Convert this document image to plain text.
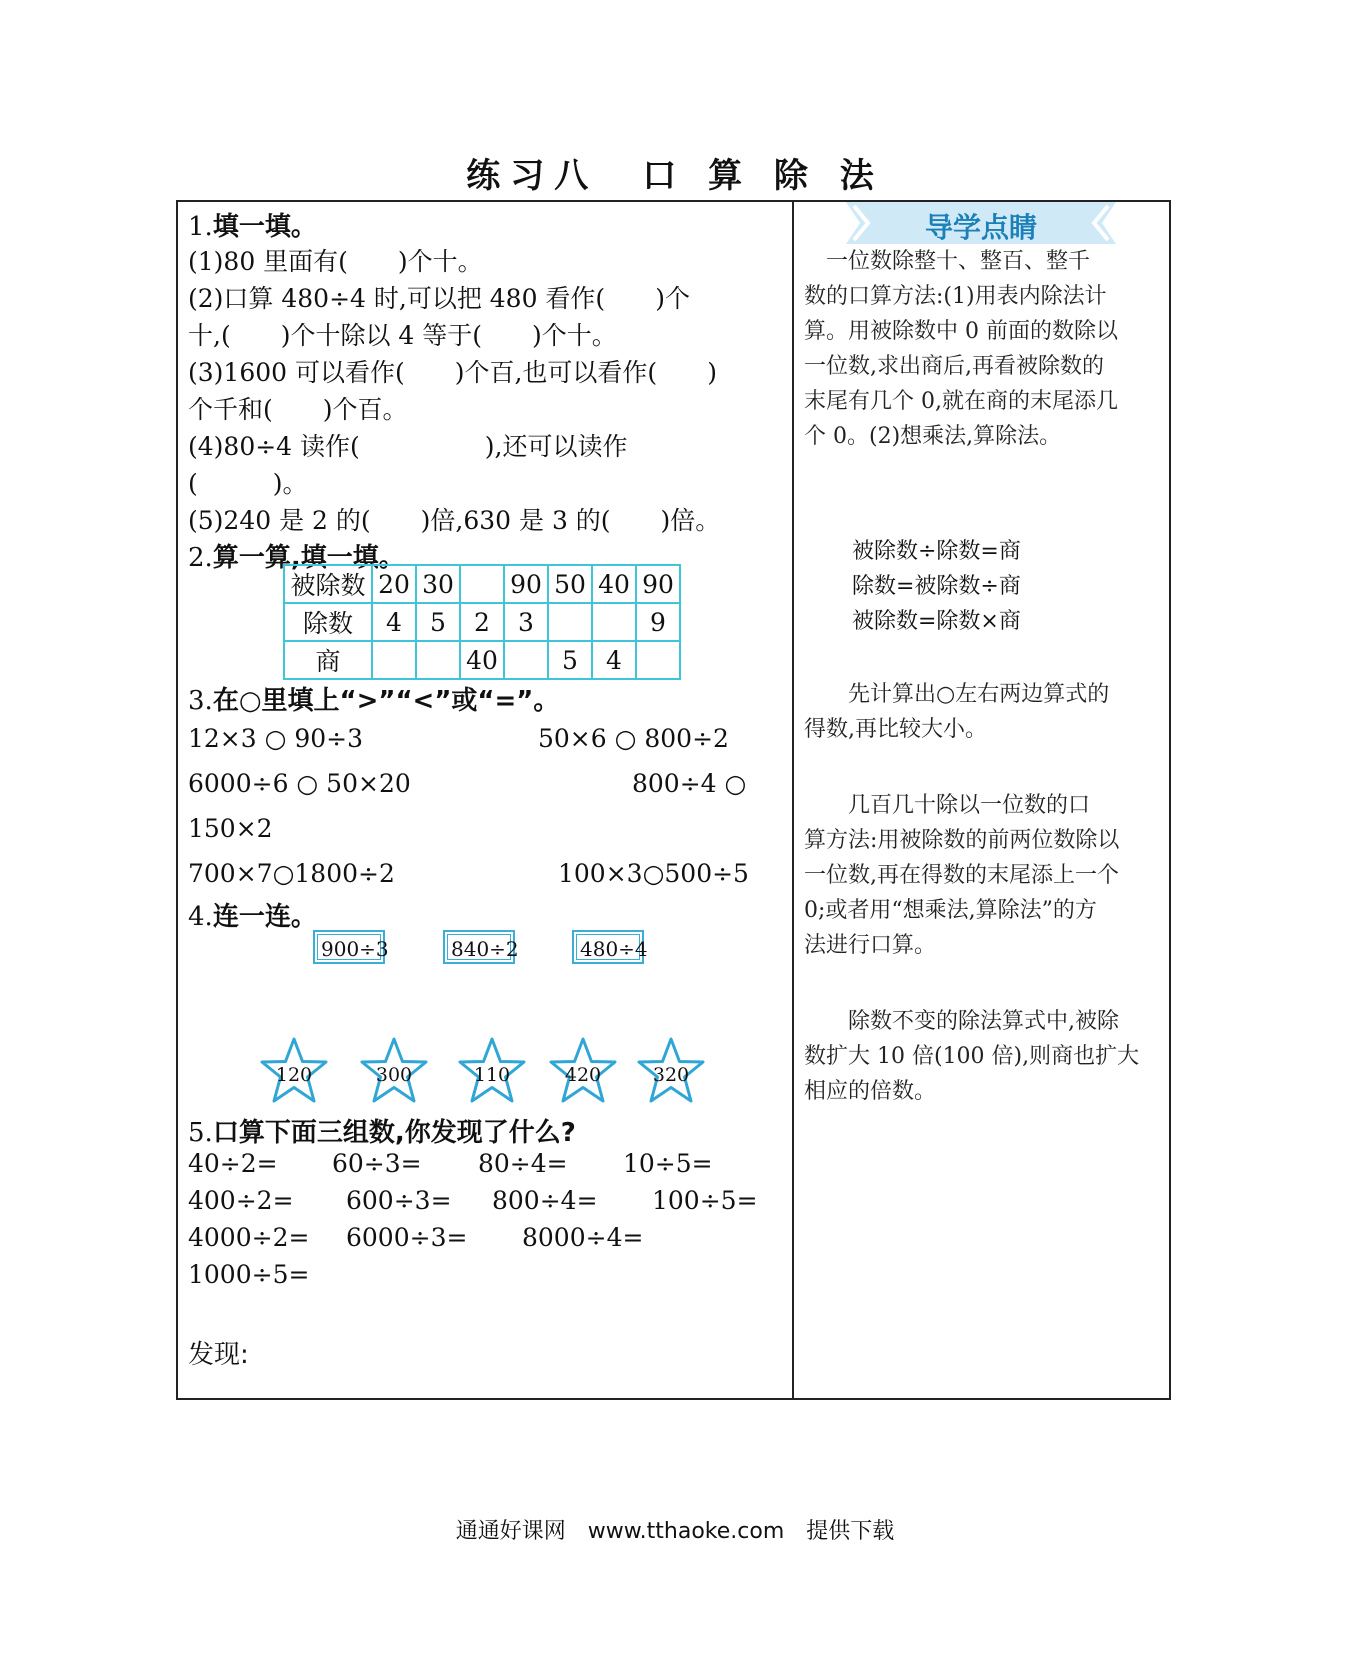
练习八　口 算 除 法
1.填一填。
(1)80 里面有(　　)个十。
(2)口算 480÷4 时,可以把 480 看作(　　)个
十,(　　)个十除以 4 等于(　　)个十。
(3)1600 可以看作(　　)个百,也可以看作(　　)
个千和(　　)个百。
(4)80÷4 读作(　　　　　),还可以读作
(　　　)。
(5)240 是 2 的(　　)倍,630 是 3 的(　　)倍。
2.算一算,填一填。
被除数	20	30		90	50	40	90
除数	4	5	2	3			9
商			40		5	4	
3.在○里填上“>”“<”或“=”。
12×3 ○ 90÷3	50×6 ○ 800÷2
6000÷6 ○ 50×20	800÷4 ○
150×2
700×7○1800÷2	100×3○500÷5
4.连一连。
900÷3	840÷2	480÷4
120	300	110	420	320
5.口算下面三组数,你发现了什么?
40÷2= 60÷3= 80÷4= 10÷5=
400÷2= 600÷3= 800÷4= 100÷5=
4000÷2= 6000÷3= 8000÷4=
1000÷5=
发现:
导学点睛
　一位数除整十、整百、整千
数的口算方法:(1)用表内除法计
算。用被除数中 0 前面的数除以
一位数,求出商后,再看被除数的
末尾有几个 0,就在商的末尾添几
个 0。(2)想乘法,算除法。
被除数÷除数=商
除数=被除数÷商
被除数=除数×商
　　先计算出○左右两边算式的
得数,再比较大小。
　　几百几十除以一位数的口
算方法:用被除数的前两位数除以
一位数,再在得数的末尾添上一个
0;或者用“想乘法,算除法”的方
法进行口算。
　　除数不变的除法算式中,被除
数扩大 10 倍(100 倍),则商也扩大
相应的倍数。
通通好课网　www.tthaoke.com　提供下载
